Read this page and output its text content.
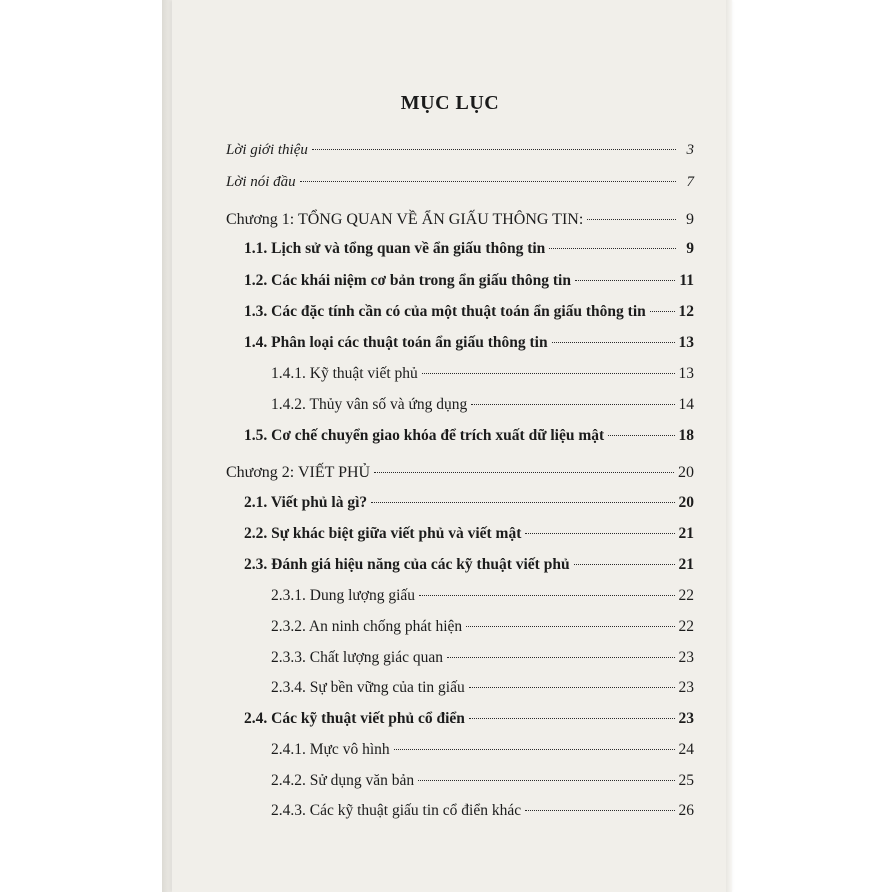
MỤC LỤC
Lời giới thiệu	3
Lời nói đầu	7
Chương 1: TỔNG QUAN VỀ ẨN GIẤU THÔNG TIN:	9
1.1. Lịch sử và tổng quan về ẩn giấu thông tin	9
1.2. Các khái niệm cơ bản trong ẩn giấu thông tin	11
1.3. Các đặc tính cần có của một thuật toán ẩn giấu thông tin 12
1.4. Phân loại các thuật toán ẩn giấu thông tin	13
1.4.1. Kỹ thuật viết phủ	13
1.4.2. Thủy vân số và ứng dụng	14
1.5. Cơ chế chuyển giao khóa để trích xuất dữ liệu mật	18
Chương 2: VIẾT PHỦ	20
2.1. Viết phủ là gì?	20
2.2. Sự khác biệt giữa viết phủ và viết mật	21
2.3. Đánh giá hiệu năng của các kỹ thuật viết phủ	21
2.3.1. Dung lượng giấu	22
2.3.2. An ninh chống phát hiện	22
2.3.3. Chất lượng giác quan	23
2.3.4. Sự bền vững của tin giấu	23
2.4. Các kỹ thuật viết phủ cổ điển	23
2.4.1. Mực vô hình	24
2.4.2. Sử dụng văn bản	25
2.4.3. Các kỹ thuật giấu tin cổ điển khác	26
